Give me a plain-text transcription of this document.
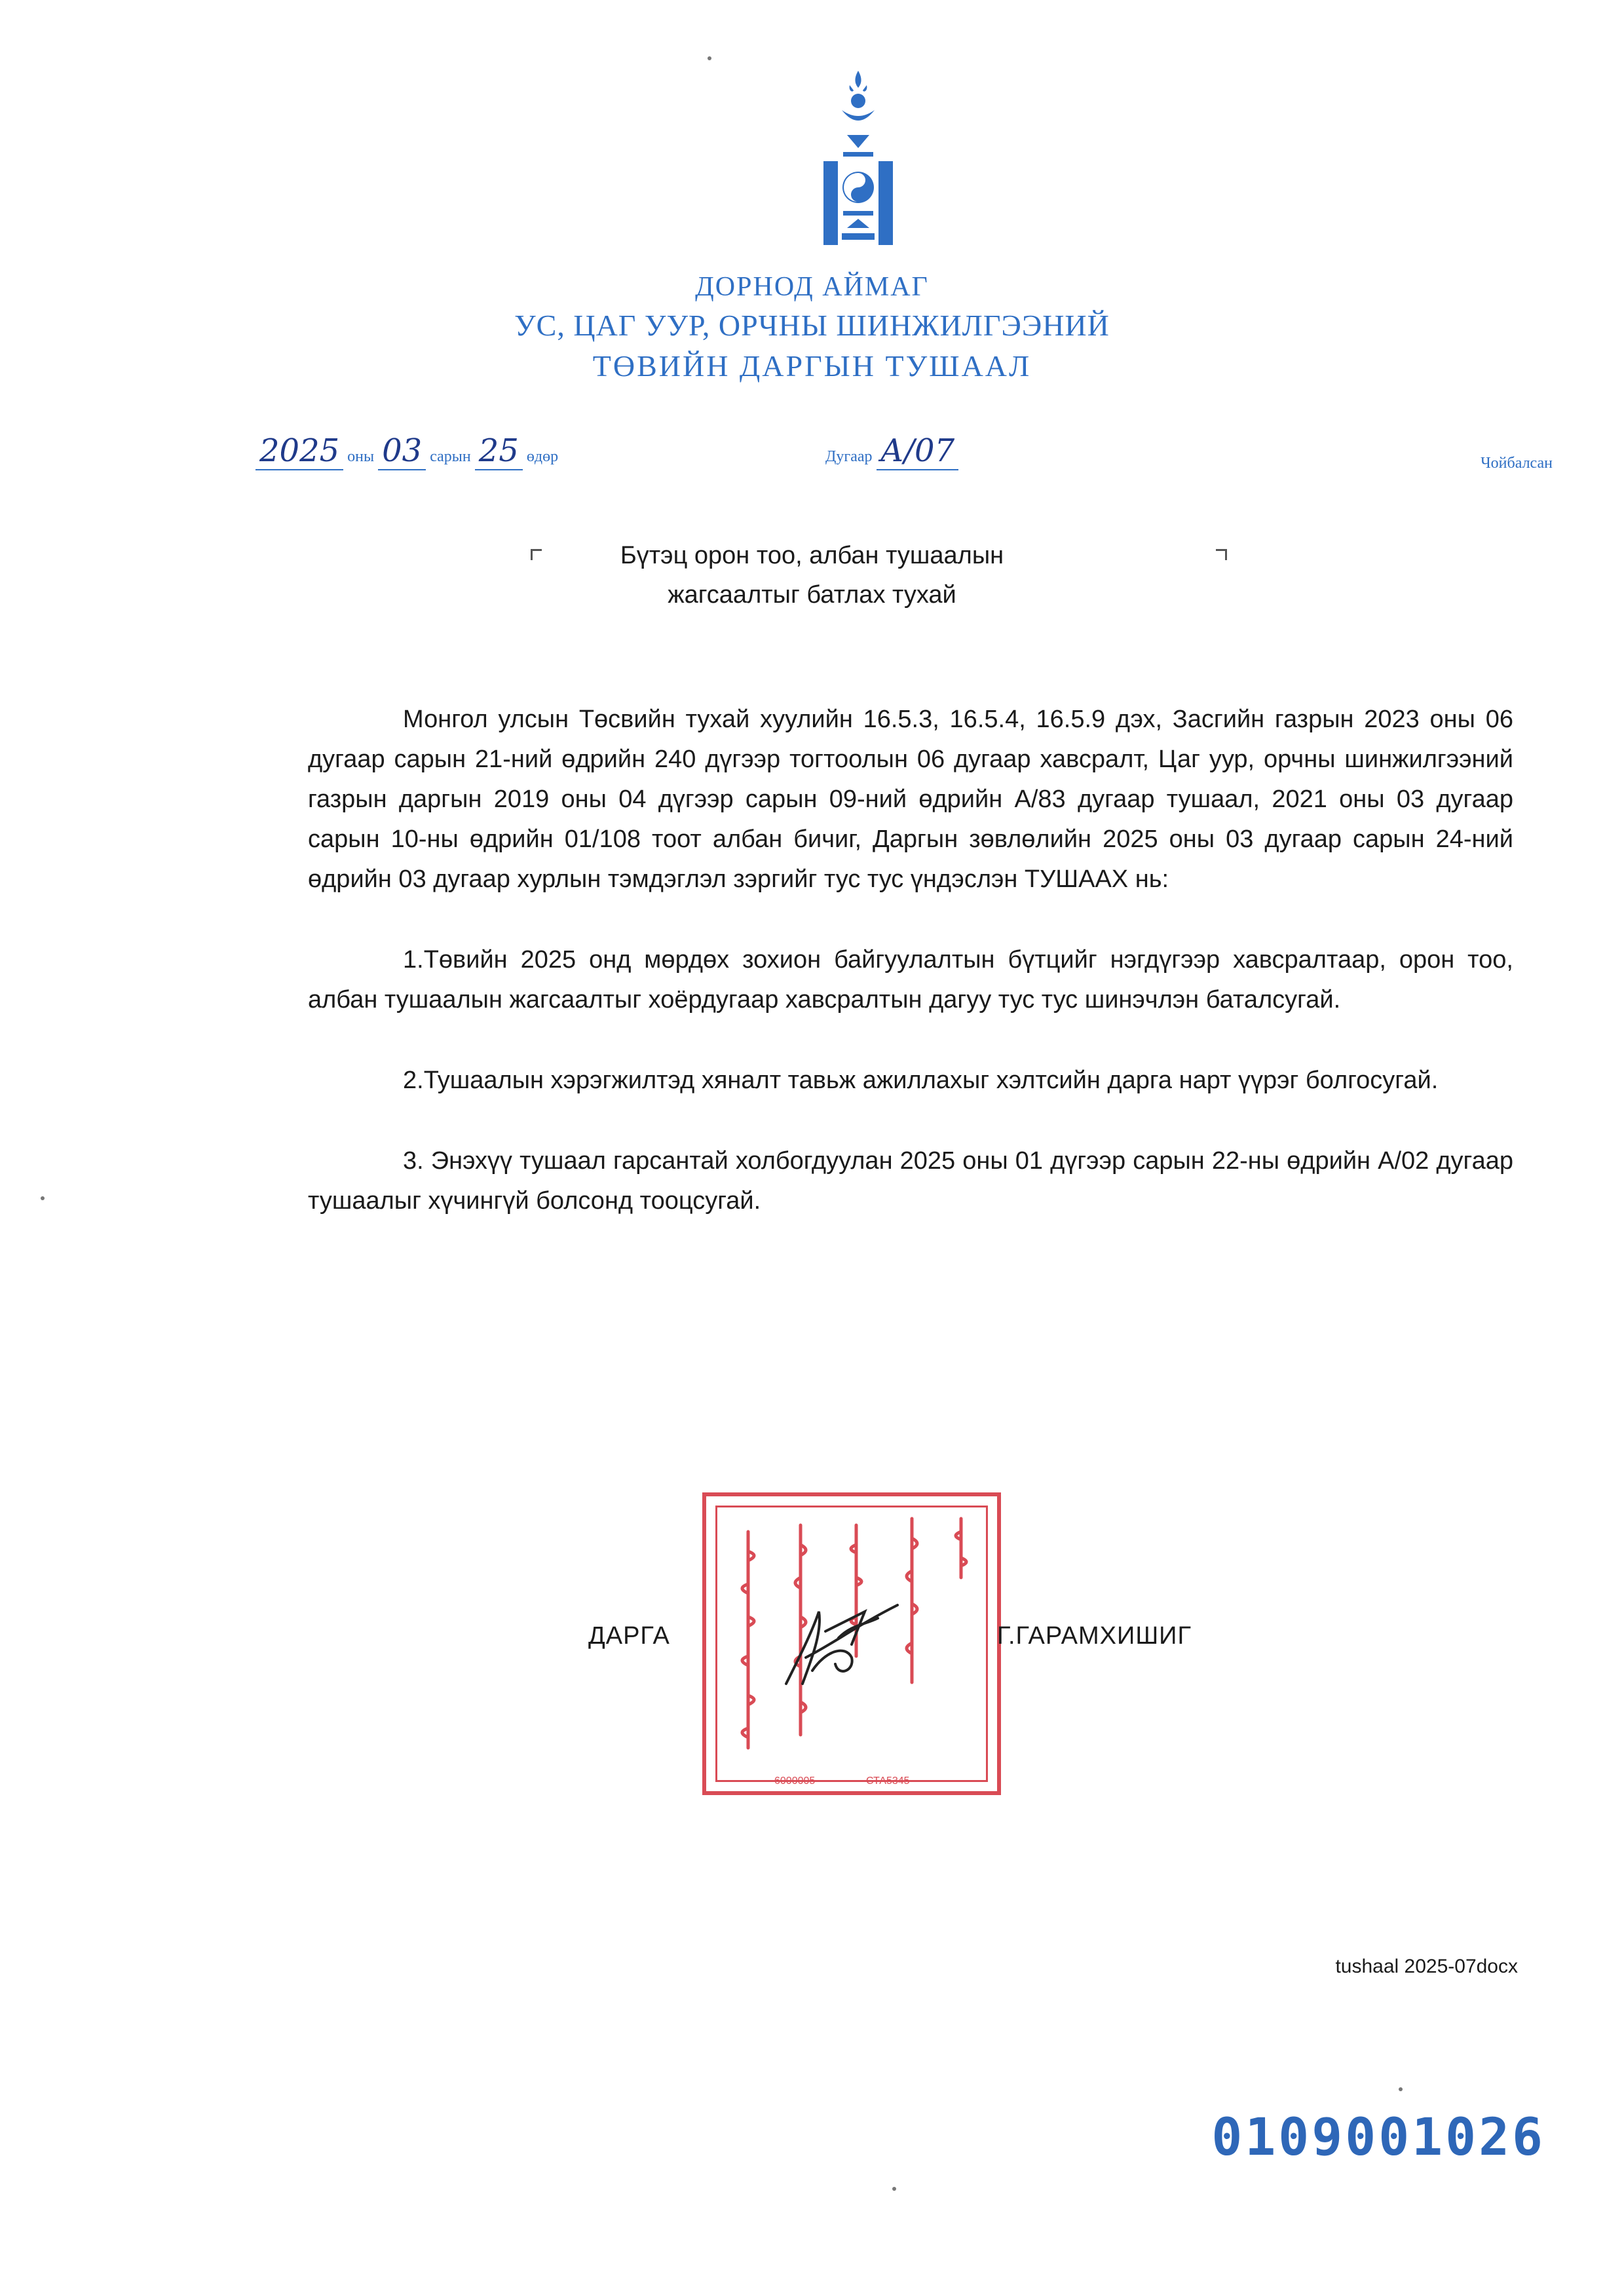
ДОРНОД АЙМАГ
УС, ЦАГ УУР, ОРЧНЫ ШИНЖИЛГЭЭНИЙ
ТӨВИЙН ДАРГЫН ТУШААЛ
2025 оны 03 сарын 25 өдөр	Дугаар А/07	Чойбалсан
Бүтэц орон тоо, албан тушаалын
жагсаалтыг батлах тухай

Монгол улсын Төсвийн тухай хуулийн 16.5.3, 16.5.4, 16.5.9 дэх, Засгийн газрын 2023 оны 06 дугаар сарын 21-ний өдрийн 240 дүгээр тогтоолын 06 дугаар хавсралт, Цаг уур, орчны шинжилгээний газрын даргын 2019 оны 04 дүгээр сарын 09-ний өдрийн А/83 дугаар тушаал, 2021 оны 03 дугаар сарын 10-ны өдрийн 01/108 тоот албан бичиг, Даргын зөвлөлийн 2025 оны 03 дугаар сарын 24-ний өдрийн 03 дугаар хурлын тэмдэглэл зэргийг тус тус үндэслэн ТУШААХ нь:

1.Төвийн 2025 онд мөрдөх зохион байгуулалтын бүтцийг нэгдүгээр хавсралтаар, орон тоо, албан тушаалын жагсаалтыг хоёрдугаар хавсралтын дагуу тус тус шинэчлэн баталсугай.

2.Тушаалын хэрэгжилтэд хяналт тавьж ажиллахыг хэлтсийн дарга нарт үүрэг болгосугай.

3. Энэхүү тушаал гарсантай холбогдуулан 2025 оны 01 дүгээр сарын 22-ны өдрийн А/02 дугаар тушаалыг хүчингүй болсонд тооцсугай.

ДАРГА
6000005	СТА5345
Г.ГАРАМХИШИГ
tushaal 2025-07docx
0109001026
